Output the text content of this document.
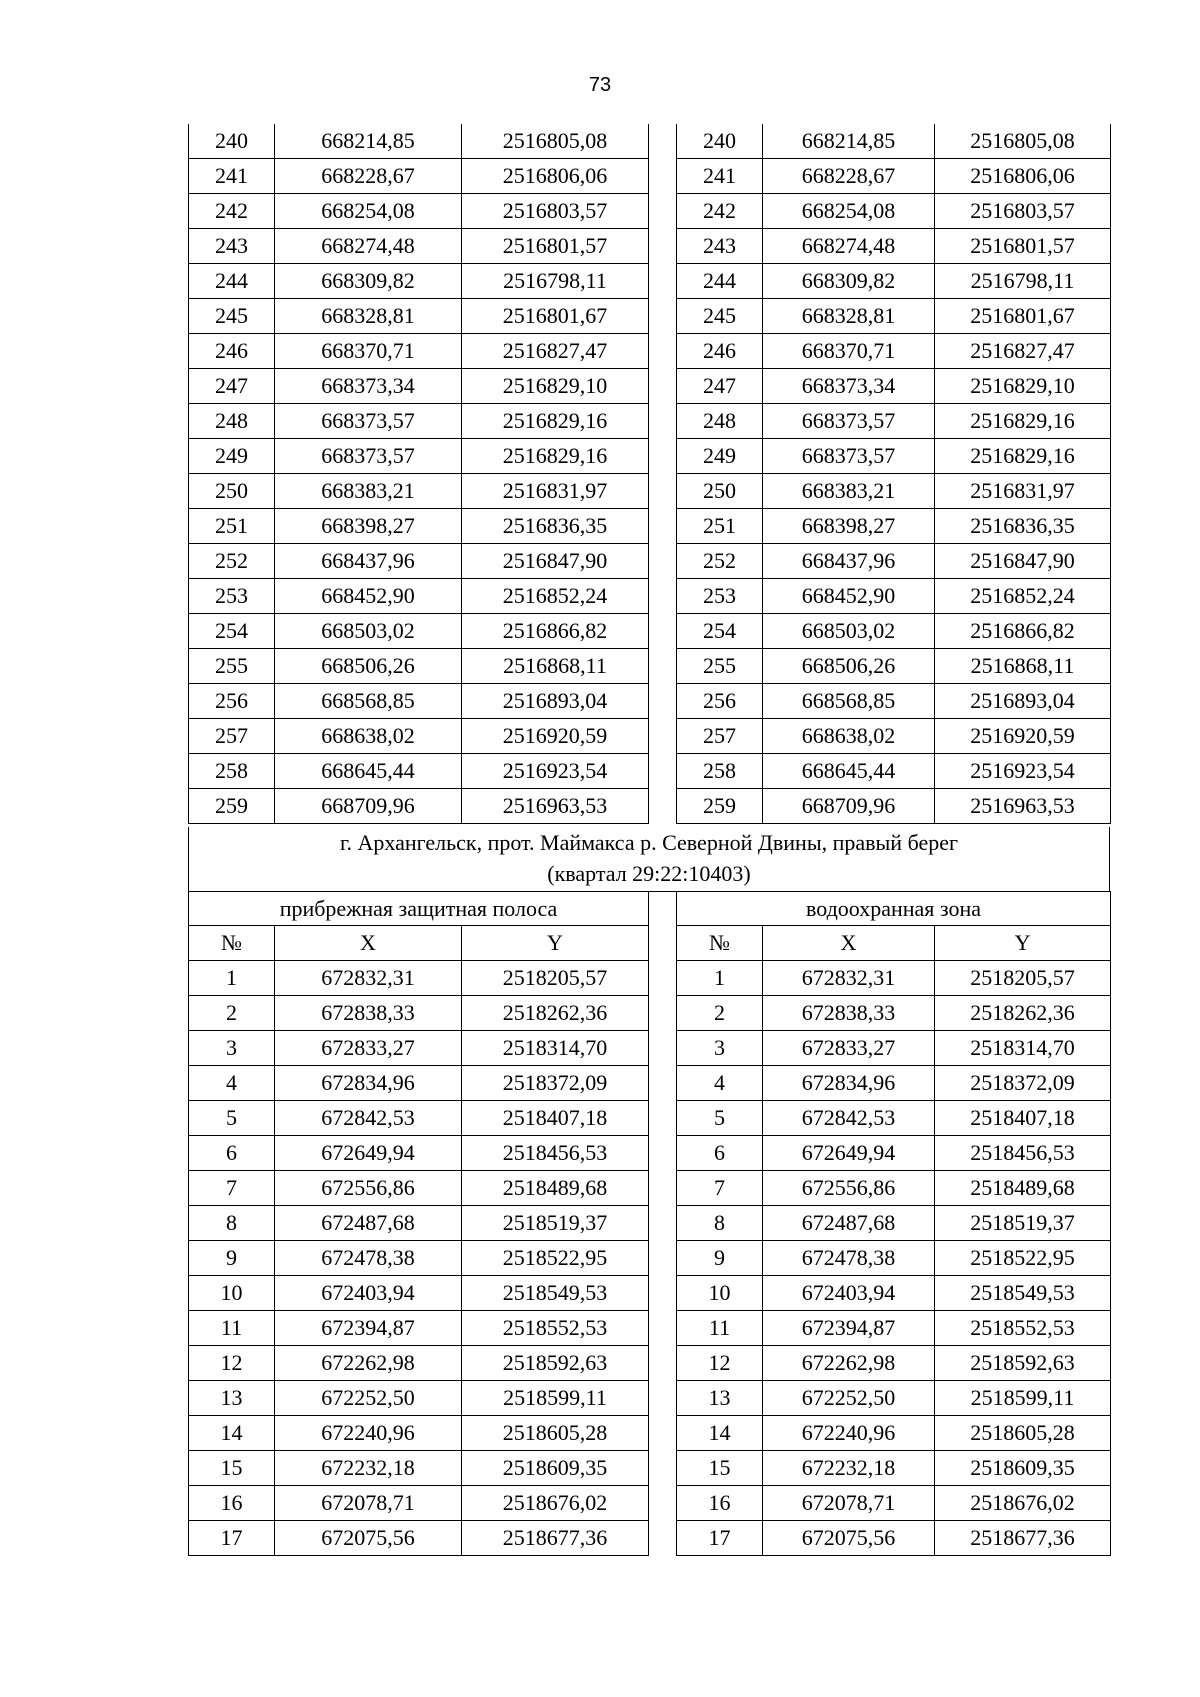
73
240	668214,85	2516805,08
241	668228,67	2516806,06
242	668254,08	2516803,57
243	668274,48	2516801,57
244	668309,82	2516798,11
245	668328,81	2516801,67
246	668370,71	2516827,47
247	668373,34	2516829,10
248	668373,57	2516829,16
249	668373,57	2516829,16
250	668383,21	2516831,97
251	668398,27	2516836,35
252	668437,96	2516847,90
253	668452,90	2516852,24
254	668503,02	2516866,82
255	668506,26	2516868,11
256	668568,85	2516893,04
257	668638,02	2516920,59
258	668645,44	2516923,54
259	668709,96	2516963,53
240	668214,85	2516805,08
241	668228,67	2516806,06
242	668254,08	2516803,57
243	668274,48	2516801,57
244	668309,82	2516798,11
245	668328,81	2516801,67
246	668370,71	2516827,47
247	668373,34	2516829,10
248	668373,57	2516829,16
249	668373,57	2516829,16
250	668383,21	2516831,97
251	668398,27	2516836,35
252	668437,96	2516847,90
253	668452,90	2516852,24
254	668503,02	2516866,82
255	668506,26	2516868,11
256	668568,85	2516893,04
257	668638,02	2516920,59
258	668645,44	2516923,54
259	668709,96	2516963,53
г. Архангельск, прот. Маймакса р. Северной Двины, правый берег
(квартал 29:22:10403)
прибрежная защитная полоса		
№	X	Y
1	672832,31	2518205,57
2	672838,33	2518262,36
3	672833,27	2518314,70
4	672834,96	2518372,09
5	672842,53	2518407,18
6	672649,94	2518456,53
7	672556,86	2518489,68
8	672487,68	2518519,37
9	672478,38	2518522,95
10	672403,94	2518549,53
11	672394,87	2518552,53
12	672262,98	2518592,63
13	672252,50	2518599,11
14	672240,96	2518605,28
15	672232,18	2518609,35
16	672078,71	2518676,02
17	672075,56	2518677,36
водоохранная зона		
№	X	Y
1	672832,31	2518205,57
2	672838,33	2518262,36
3	672833,27	2518314,70
4	672834,96	2518372,09
5	672842,53	2518407,18
6	672649,94	2518456,53
7	672556,86	2518489,68
8	672487,68	2518519,37
9	672478,38	2518522,95
10	672403,94	2518549,53
11	672394,87	2518552,53
12	672262,98	2518592,63
13	672252,50	2518599,11
14	672240,96	2518605,28
15	672232,18	2518609,35
16	672078,71	2518676,02
17	672075,56	2518677,36
